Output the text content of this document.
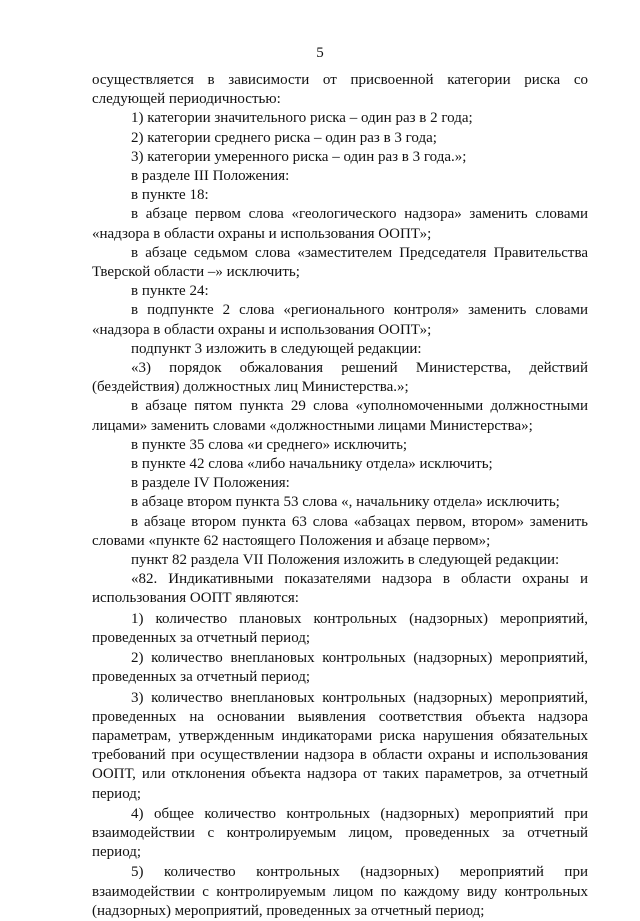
5

осуществляется в зависимости от присвоенной категории риска со следующей периодичностью:

1) категории значительного риска – один раз в 2 года;

2) категории среднего риска – один раз в 3 года;

3) категории умеренного риска – один раз в 3 года.»;

в разделе III Положения:

в пункте 18:

в абзаце первом слова «геологического надзора» заменить словами «надзора в области охраны и использования ООПТ»;

в абзаце седьмом слова «заместителем Председателя Правительства Тверской области –» исключить;

в пункте 24:

в подпункте 2 слова «регионального контроля» заменить словами «надзора в области охраны и использования ООПТ»;

подпункт 3 изложить в следующей редакции:

«3) порядок обжалования решений Министерства, действий (бездействия) должностных лиц Министерства.»;

в абзаце пятом пункта 29 слова «уполномоченными должностными лицами» заменить словами «должностными лицами Министерства»;

в пункте 35 слова «и среднего» исключить;

в пункте 42 слова «либо начальнику отдела» исключить;

в разделе IV Положения:

в абзаце втором пункта 53 слова «, начальнику отдела» исключить;

в абзаце втором пункта 63 слова «абзацах первом, втором» заменить словами «пункте 62 настоящего Положения и абзаце первом»;

пункт 82 раздела VII Положения изложить в следующей редакции:

«82. Индикативными показателями надзора в области охраны и использования ООПТ являются:

1) количество плановых контрольных (надзорных) мероприятий, проведенных за отчетный период;

2) количество внеплановых контрольных (надзорных) мероприятий, проведенных за отчетный период;

3) количество внеплановых контрольных (надзорных) мероприятий, проведенных на основании выявления соответствия объекта надзора параметрам, утвержденным индикаторами риска нарушения обязательных требований при осуществлении надзора в области охраны и использования ООПТ, или отклонения объекта надзора от таких параметров, за отчетный период;

4) общее количество контрольных (надзорных) мероприятий при взаимодействии с контролируемым лицом, проведенных за отчетный период;

5) количество контрольных (надзорных) мероприятий при взаимодействии с контролируемым лицом по каждому виду контрольных (надзорных) мероприятий, проведенных за отчетный период;
